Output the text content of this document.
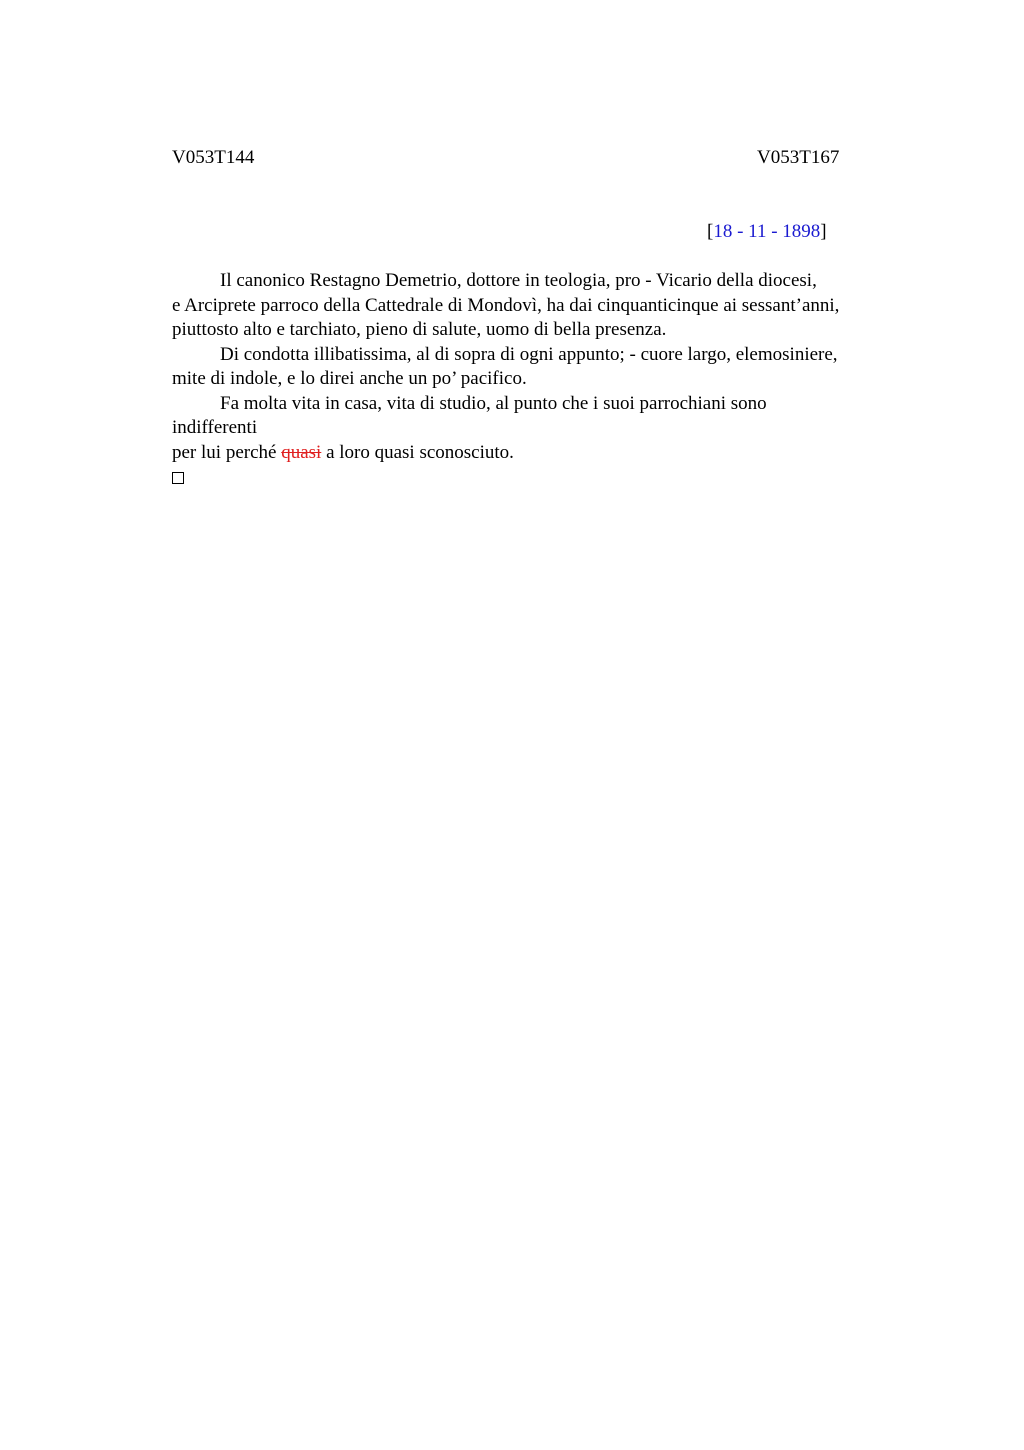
V053T144	V053T167
[18 - 11 - 1898]
Il canonico Restagno Demetrio, dottore in teologia, pro - Vicario della diocesi,
e Arciprete parroco della Cattedrale di Mondovì, ha dai cinquanticinque ai sessant’anni,
piuttosto alto e tarchiato, pieno di salute, uomo di bella presenza.
Di condotta illibatissima, al di sopra di ogni appunto; - cuore largo, elemosiniere,
mite di indole, e lo direi anche un po’ pacifico.
Fa molta vita in casa, vita di studio, al punto che i suoi parrochiani sono
indifferenti
per lui perché quasi a loro quasi sconosciuto.
